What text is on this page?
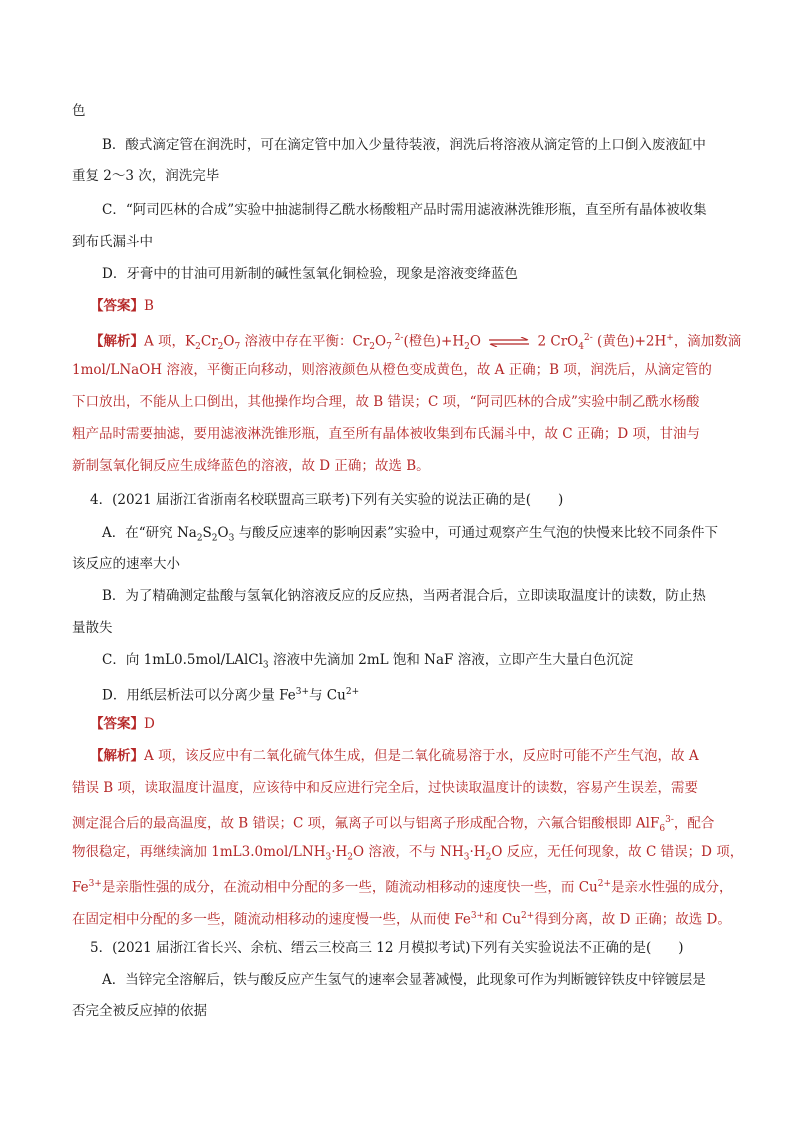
色
B．酸式滴定管在润洗时，可在滴定管中加入少量待装液，润洗后将溶液从滴定管的上口倒入废液缸中
重复 2～3 次，润洗完毕
C．“阿司匹林的合成”实验中抽滤制得乙酰水杨酸粗产品时需用滤液淋洗锥形瓶，直至所有晶体被收集
到布氏漏斗中
D．牙膏中的甘油可用新制的碱性氢氧化铜检验，现象是溶液变绛蓝色
【答案】B
【解析】A 项，$K_2Cr_2O_7$ 溶液中存在平衡：$Cr_2O_7$ $^{2-}$(橙色)$+H_2O$ ⇌ 2 CrO$_4^{2-}$ (黄色)+2H+，滴加数滴
1mol/LNaOH 溶液，平衡正向移动，则溶液颜色从橙色变成黄色，故 A 正确；B 项，润洗后，从滴定管的
下口放出，不能从上口倒出，其他操作均合理，故 B 错误；C 项，“阿司匹林的合成”实验中制乙酰水杨酸
粗产品时需要抽滤，要用滤液淋洗锥形瓶，直至所有晶体被收集到布氏漏斗中，故 C 正确；D 项，甘油与
新制氢氧化铜反应生成绛蓝色的溶液，故 D 正确；故选 B。
4．(2021 届浙江省浙南名校联盟高三联考)下列有关实验的说法正确的是(　　)
A．在“研究 $Na_2S_2O_3$ 与酸反应速率的影响因素”实验中，可通过观察产生气泡的快慢来比较不同条件下
该反应的速率大小
B．为了精确测定盐酸与氢氧化钠溶液反应的反应热，当两者混合后，立即读取温度计的读数，防止热
量散失
C．向 1mL0.5mol/LAlCl$_3$ 溶液中先滴加 2mL 饱和 NaF 溶液，立即产生大量白色沉淀
D．用纸层析法可以分离少量 $Fe^{3+}$与 $Cu^{2+}$
【答案】D
【解析】A 项，该反应中有二氧化硫气体生成，但是二氧化硫易溶于水，反应时可能不产生气泡，故 A
错误 B 项，读取温度计温度，应该待中和反应进行完全后，过快读取温度计的读数，容易产生误差，需要
测定混合后的最高温度，故 B 错误；C 项，氟离子可以与铝离子形成配合物，六氟合铝酸根即 AlF$_6^{3-}$，配合
物很稳定，再继续滴加 $1mL3.0mol/LNH_3\cdot H_2O$ 溶液，不与 $NH_3\cdot H_2O$ 反应，无任何现象，故 C 错误；D 项，
$Fe^{3+}$是亲脂性强的成分，在流动相中分配的多一些，随流动相移动的速度快一些，而 $Cu^{2+}$是亲水性强的成分，
在固定相中分配的多一些，随流动相移动的速度慢一些，从而使 $Fe^{3+}$和 $Cu^{2+}$得到分离，故 D 正确；故选 D。
5．(2021 届浙江省长兴、余杭、缙云三校高三 12 月模拟考试)下列有关实验说法不正确的是(　　)
A．当锌完全溶解后，铁与酸反应产生氢气的速率会显著减慢，此现象可作为判断镀锌铁皮中锌镀层是
否完全被反应掉的依据
